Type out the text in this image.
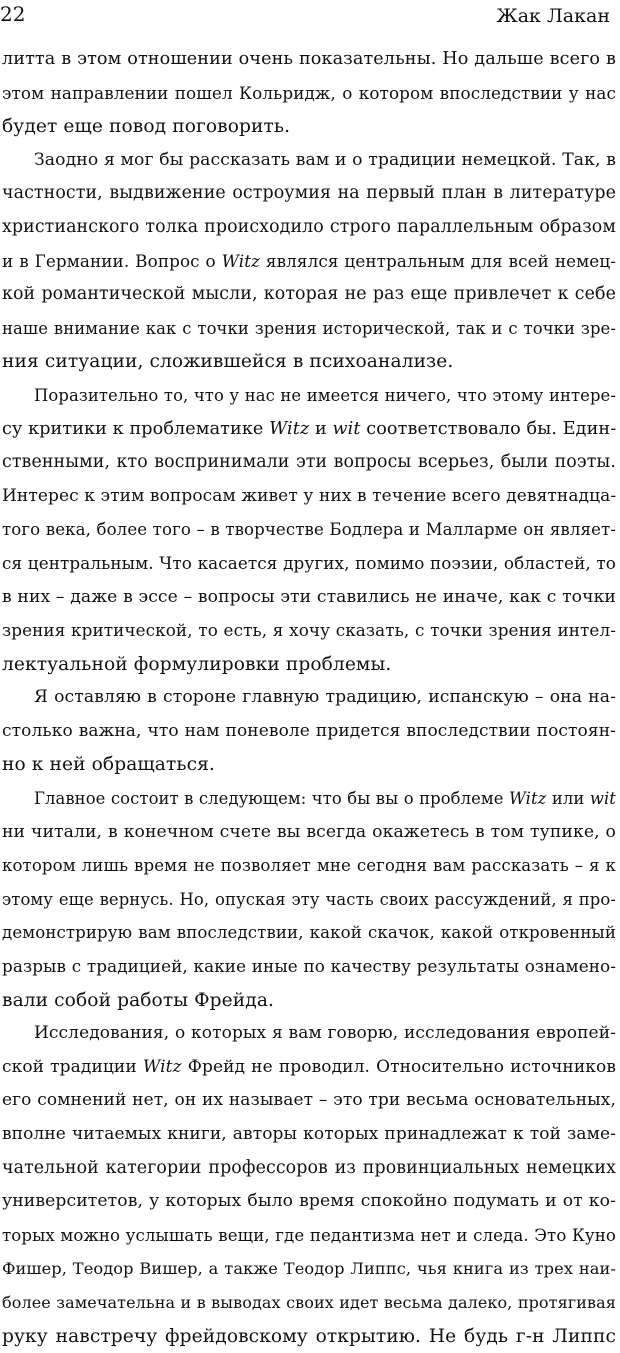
22	Жак Лакан
литта в этом отношении очень показательны. Но дальше всего в
этом направлении пошел Кольридж, о котором впоследствии у нас
будет еще повод поговорить.
Заодно я мог бы рассказать вам и о традиции немецкой. Так, в
частности, выдвижение остроумия на первый план в литературе
христианского толка происходило строго параллельным образом
и в Германии. Вопрос о Witz являлся центральным для всей немец-
кой романтической мысли, которая не раз еще привлечет к себе
наше внимание как с точки зрения исторической, так и с точки зре-
ния ситуации, сложившейся в психоанализе.
Поразительно то, что у нас не имеется ничего, что этому интере-
су критики к проблематике Witz и wit соответствовало бы. Един-
ственными, кто воспринимали эти вопросы всерьез, были поэты.
Интерес к этим вопросам живет у них в течение всего девятнадца-
того века, более того – в творчестве Бодлера и Малларме он являет-
ся центральным. Что касается других, помимо поэзии, областей, то
в них – даже в эссе – вопросы эти ставились не иначе, как с точки
зрения критической, то есть, я хочу сказать, с точки зрения интел-
лектуальной формулировки проблемы.
Я оставляю в стороне главную традицию, испанскую – она на-
столько важна, что нам поневоле придется впоследствии постоян-
но к ней обращаться.
Главное состоит в следующем: что бы вы о проблеме Witz или wit
ни читали, в конечном счете вы всегда окажетесь в том тупике, о
котором лишь время не позволяет мне сегодня вам рассказать – я к
этому еще вернусь. Но, опуская эту часть своих рассуждений, я про-
демонстрирую вам впоследствии, какой скачок, какой откровенный
разрыв с традицией, какие иные по качеству результаты ознамено-
вали собой работы Фрейда.
Исследования, о которых я вам говорю, исследования европей-
ской традиции Witz Фрейд не проводил. Относительно источников
его сомнений нет, он их называет – это три весьма основательных,
вполне читаемых книги, авторы которых принадлежат к той заме-
чательной категории профессоров из провинциальных немецких
университетов, у которых было время спокойно подумать и от ко-
торых можно услышать вещи, где педантизма нет и следа. Это Куно
Фишер, Теодор Вишер, а также Теодор Липпс, чья книга из трех наи-
более замечательна и в выводах своих идет весьма далеко, протягивая
руку навстречу фрейдовскому открытию. Не будь г-н Липпс
